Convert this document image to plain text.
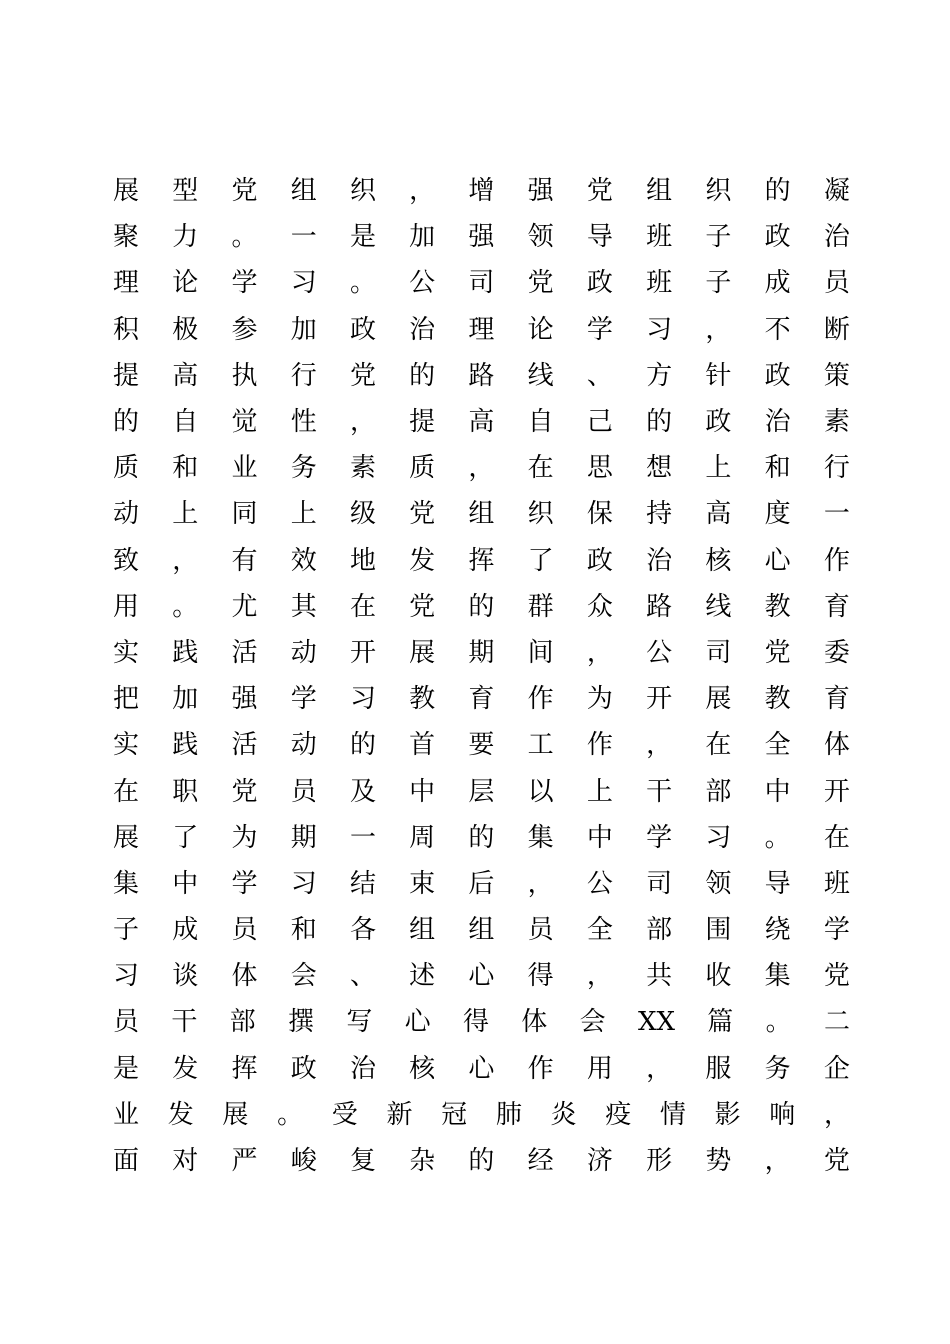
展 型 党 组 织 ， 增 强 党 组 织 的 凝
聚 力 。 一 是 加 强 领 导 班 子 政 治
理 论 学 习 。 公 司 党 政 班 子 成 员
积 极 参 加 政 治 理 论 学 习 ， 不 断
提 高 执 行 党 的 路 线 、 方 针 政 策
的 自 觉 性 ， 提 高 自 己 的 政 治 素
质 和 业 务 素 质 ， 在 思 想 上 和 行
动 上 同 上 级 党 组 织 保 持 高 度 一
致 ， 有 效 地 发 挥 了 政 治 核 心 作
用 。 尤 其 在 党 的 群 众 路 线 教 育
实 践 活 动 开 展 期 间 ， 公 司 党 委
把 加 强 学 习 教 育 作 为 开 展 教 育
实 践 活 动 的 首 要 工 作 ， 在 全 体
在 职 党 员 及 中 层 以 上 干 部 中 开
展 了 为 期 一 周 的 集 中 学 习 。 在
集 中 学 习 结 束 后 ， 公 司 领 导 班
子 成 员 和 各 组 组 员 全 部 围 绕 学
习 谈 体 会 、 述 心 得 ， 共 收 集 党
员 干 部 撰 写 心 得 体 会 XX 篇 。 二
是 发 挥 政 治 核 心 作 用 ， 服 务 企
业 发 展 。 受 新 冠 肺 炎 疫 情 影 响 ，
面 对 严 峻 复 杂 的 经 济 形 势 ， 党
